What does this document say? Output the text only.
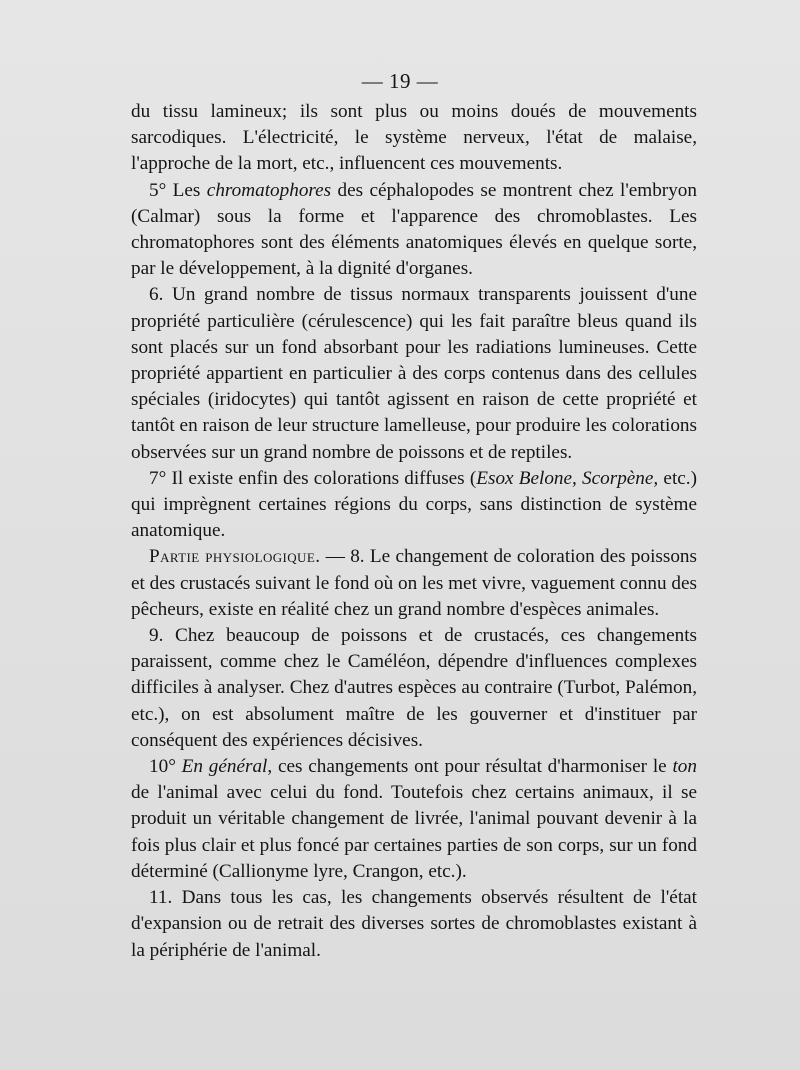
— 19 —

du tissu lamineux; ils sont plus ou moins doués de mouvements sarcodiques. L'électricité, le système nerveux, l'état de malaise, l'approche de la mort, etc., influencent ces mouvements.

5° Les chromatophores des céphalopodes se montrent chez l'embryon (Calmar) sous la forme et l'apparence des chromoblastes. Les chromatophores sont des éléments anatomiques élevés en quelque sorte, par le développement, à la dignité d'organes.

6. Un grand nombre de tissus normaux transparents jouissent d'une propriété particulière (cérulescence) qui les fait paraître bleus quand ils sont placés sur un fond absorbant pour les radiations lumineuses. Cette propriété appartient en particulier à des corps contenus dans des cellules spéciales (iridocytes) qui tantôt agissent en raison de cette propriété et tantôt en raison de leur structure lamelleuse, pour produire les colorations observées sur un grand nombre de poissons et de reptiles.

7° Il existe enfin des colorations diffuses (Esox Belone, Scorpène, etc.) qui imprègnent certaines régions du corps, sans distinction de système anatomique.

Partie physiologique. — 8. Le changement de coloration des poissons et des crustacés suivant le fond où on les met vivre, vaguement connu des pêcheurs, existe en réalité chez un grand nombre d'espèces animales.

9. Chez beaucoup de poissons et de crustacés, ces changements paraissent, comme chez le Caméléon, dépendre d'influences complexes difficiles à analyser. Chez d'autres espèces au contraire (Turbot, Palémon, etc.), on est absolument maître de les gouverner et d'instituer par conséquent des expériences décisives.

10° En général, ces changements ont pour résultat d'harmoniser le ton de l'animal avec celui du fond. Toutefois chez certains animaux, il se produit un véritable changement de livrée, l'animal pouvant devenir à la fois plus clair et plus foncé par certaines parties de son corps, sur un fond déterminé (Callionyme lyre, Crangon, etc.).

11. Dans tous les cas, les changements observés résultent de l'état d'expansion ou de retrait des diverses sortes de chromoblastes existant à la périphérie de l'animal.
